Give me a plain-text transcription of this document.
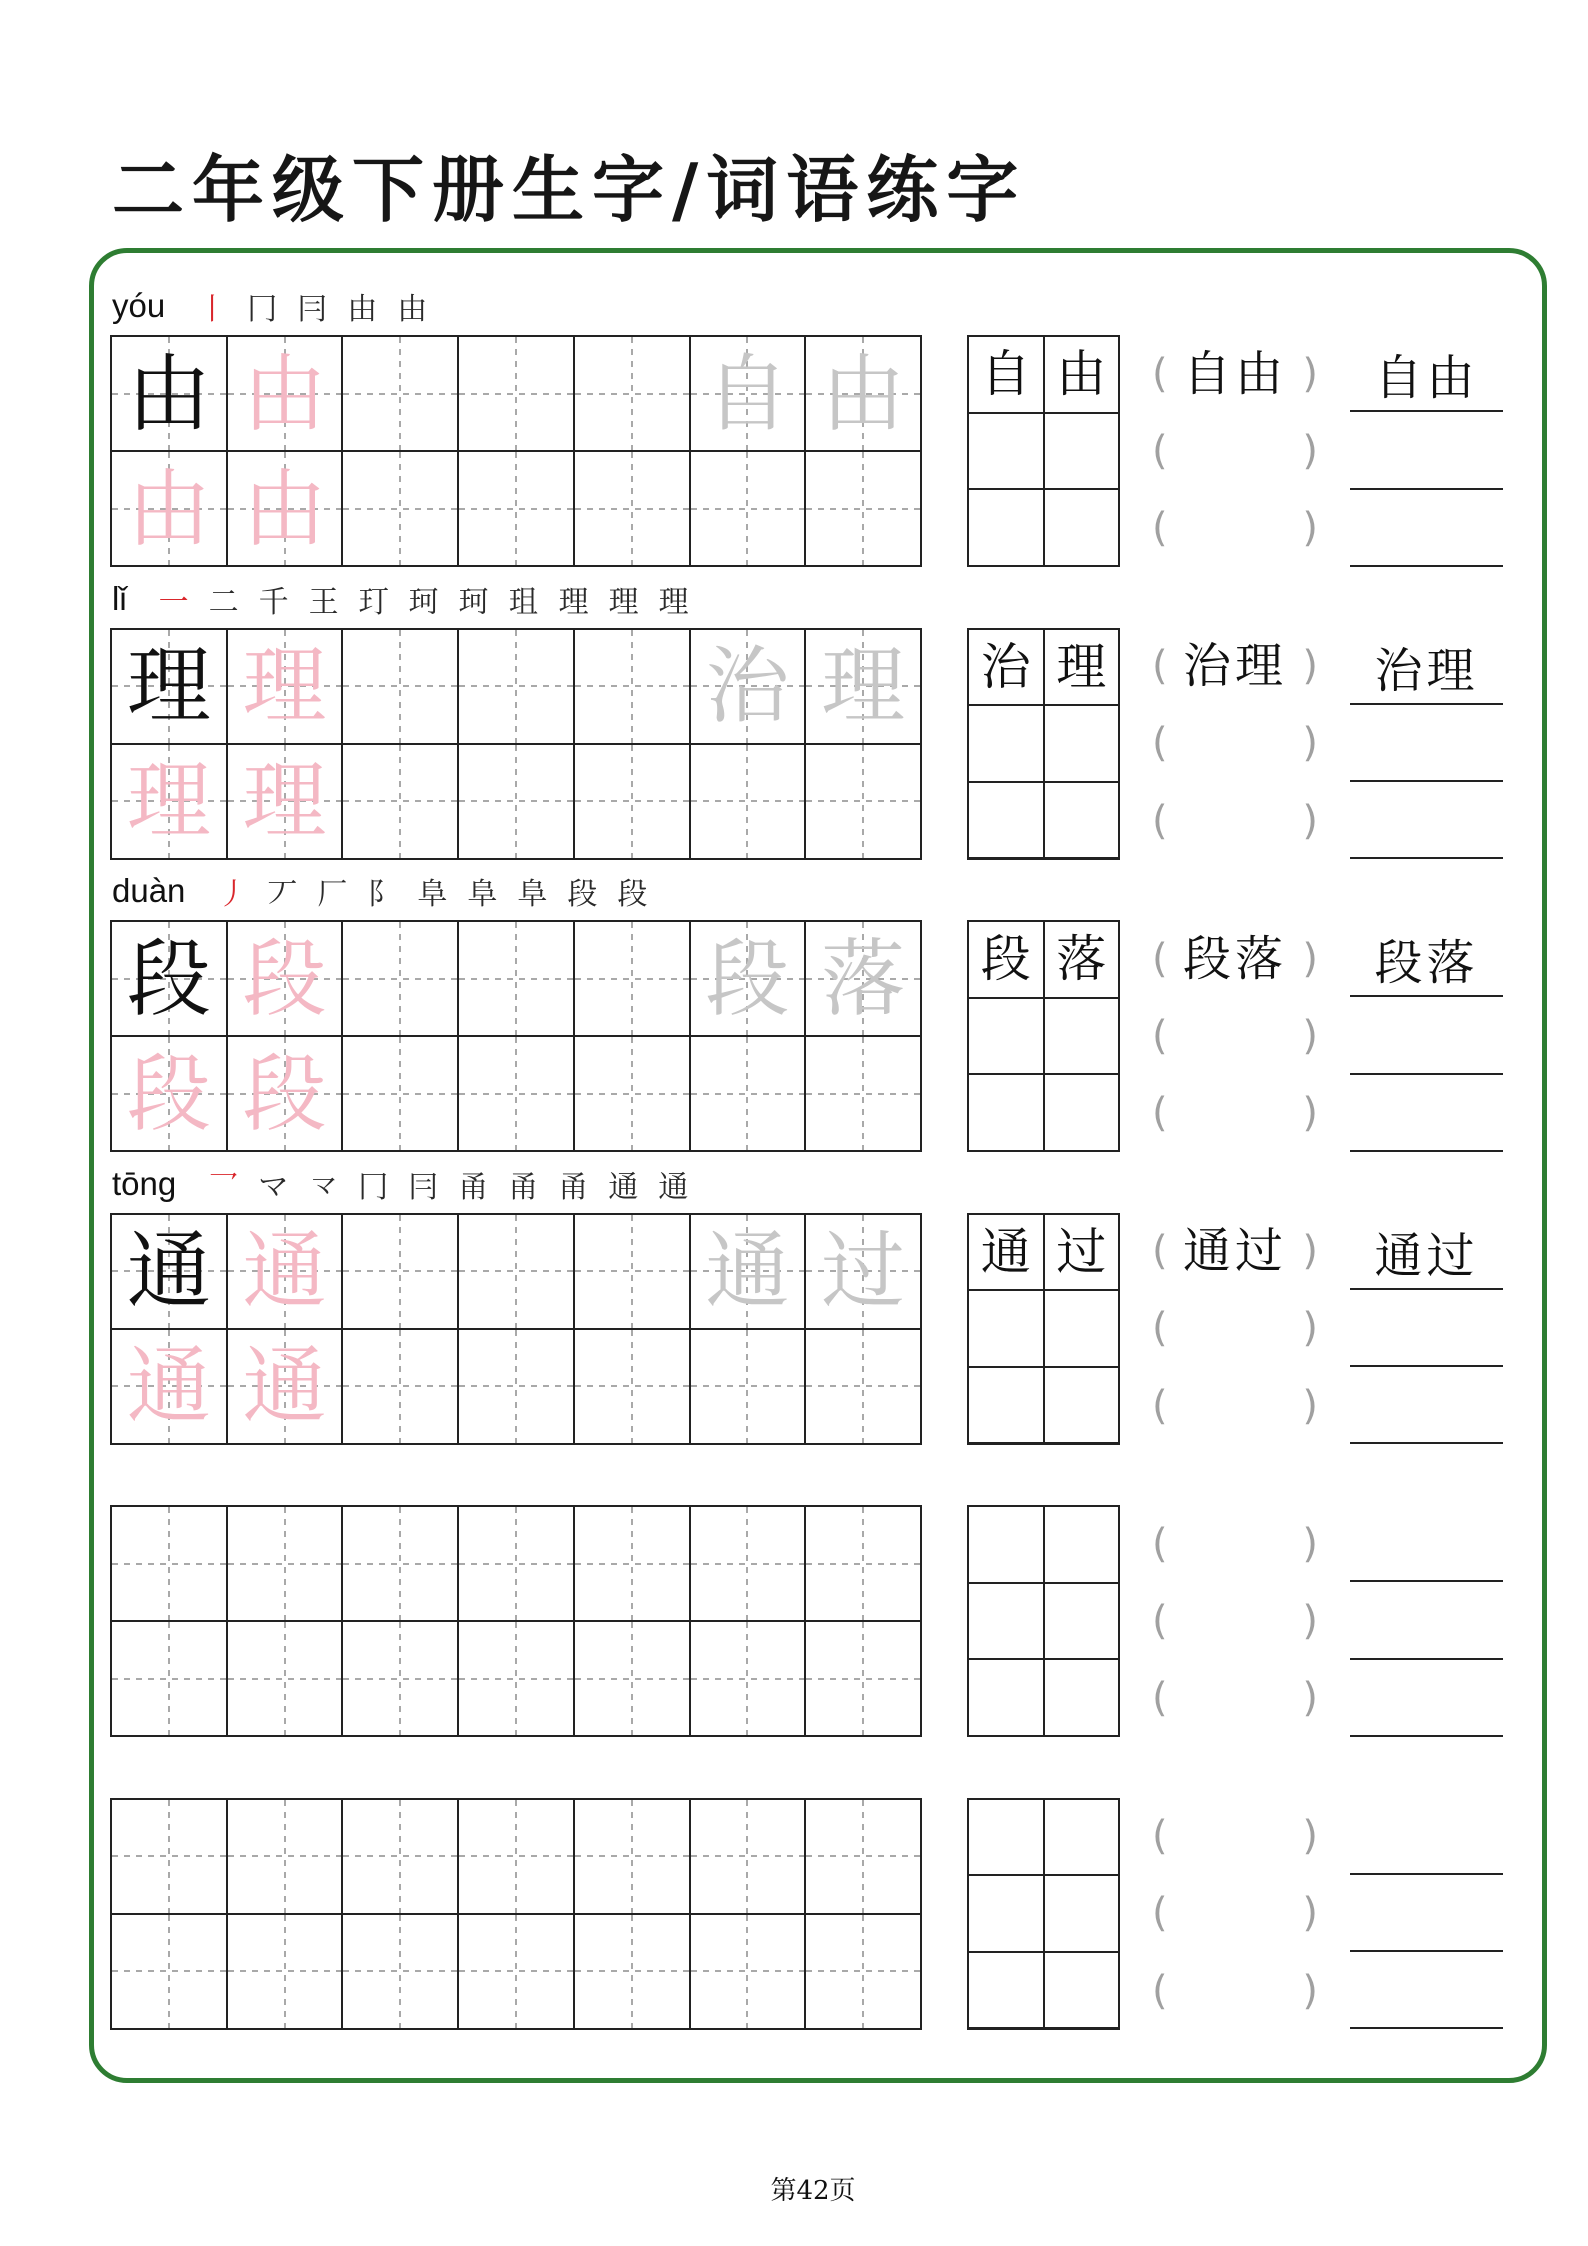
二年级下册生字/词语练字
第42页
yóu	丨 冂 冃 由 由
由 由	自 由
由 由
自 由 ( 自由 )
(	)
(	)
自由
lǐ	一 二 千 王 玎 珂 珂 珇 理 理 理
理 理	治 理
理 理
治 理 ( 治理 )
(	)
(	)
治理
duàn	丿 丆 厂 阝 阜 阜 阜 段 段
段 段	段 落
段 段
段 落 ( 段落 )
(	)
(	)
段落
tōng	乛 マ 龴 冂 冃 甬 甬 甬 通 通
通 通	通 过
通 通
通 过 ( 通过 )
(	)
(	)
通过
(	)
(	)
(	)
(	)
(	)
(	)
